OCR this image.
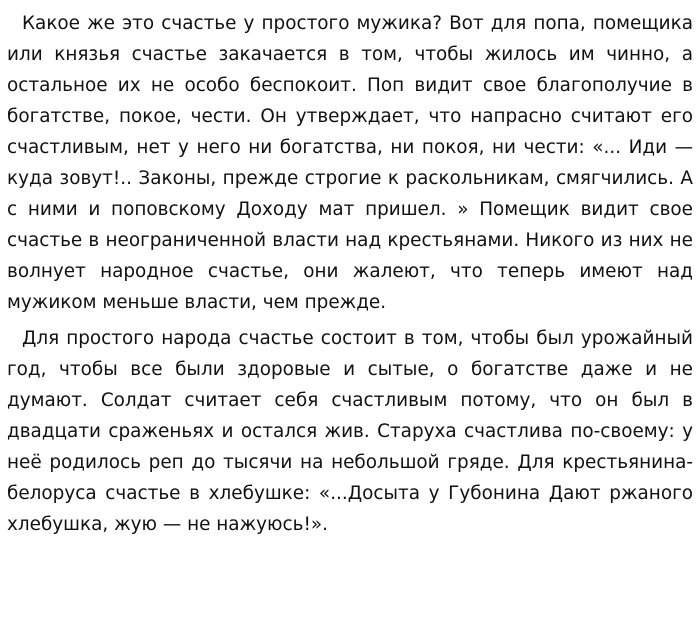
Какое же это счастье у простого мужика? Вот для попа, помещика или князья счастье закачается в том, чтобы жилось им чинно, а остальное их не особо беспокоит. Поп видит свое благополучие в богатстве, покое, чести. Он утверждает, что напрасно считают его счастливым, нет у него ни богатства, ни покоя, ни чести: «... Иди — куда зовут!.. Законы, прежде строгие к раскольникам, смягчились. А с ними и поповскому Доходу мат пришел. » Помещик видит свое счастье в неограниченной власти над крестьянами. Никого из них не волнует народное счастье, они жалеют, что теперь имеют над мужиком меньше власти, чем прежде.

Для простого народа счастье состоит в том, чтобы был урожайный год, чтобы все были здоровые и сытые, о богатстве даже и не думают. Солдат считает себя счастливым потому, что он был в двадцати сраженьях и остался жив. Старуха счастлива по-своему: у неё родилось реп до тысячи на небольшой гряде. Для крестьянина-белоруса счастье в хлебушке: «...Досыта у Губонина Дают ржаного хлебушка, жую — не нажуюсь!».
